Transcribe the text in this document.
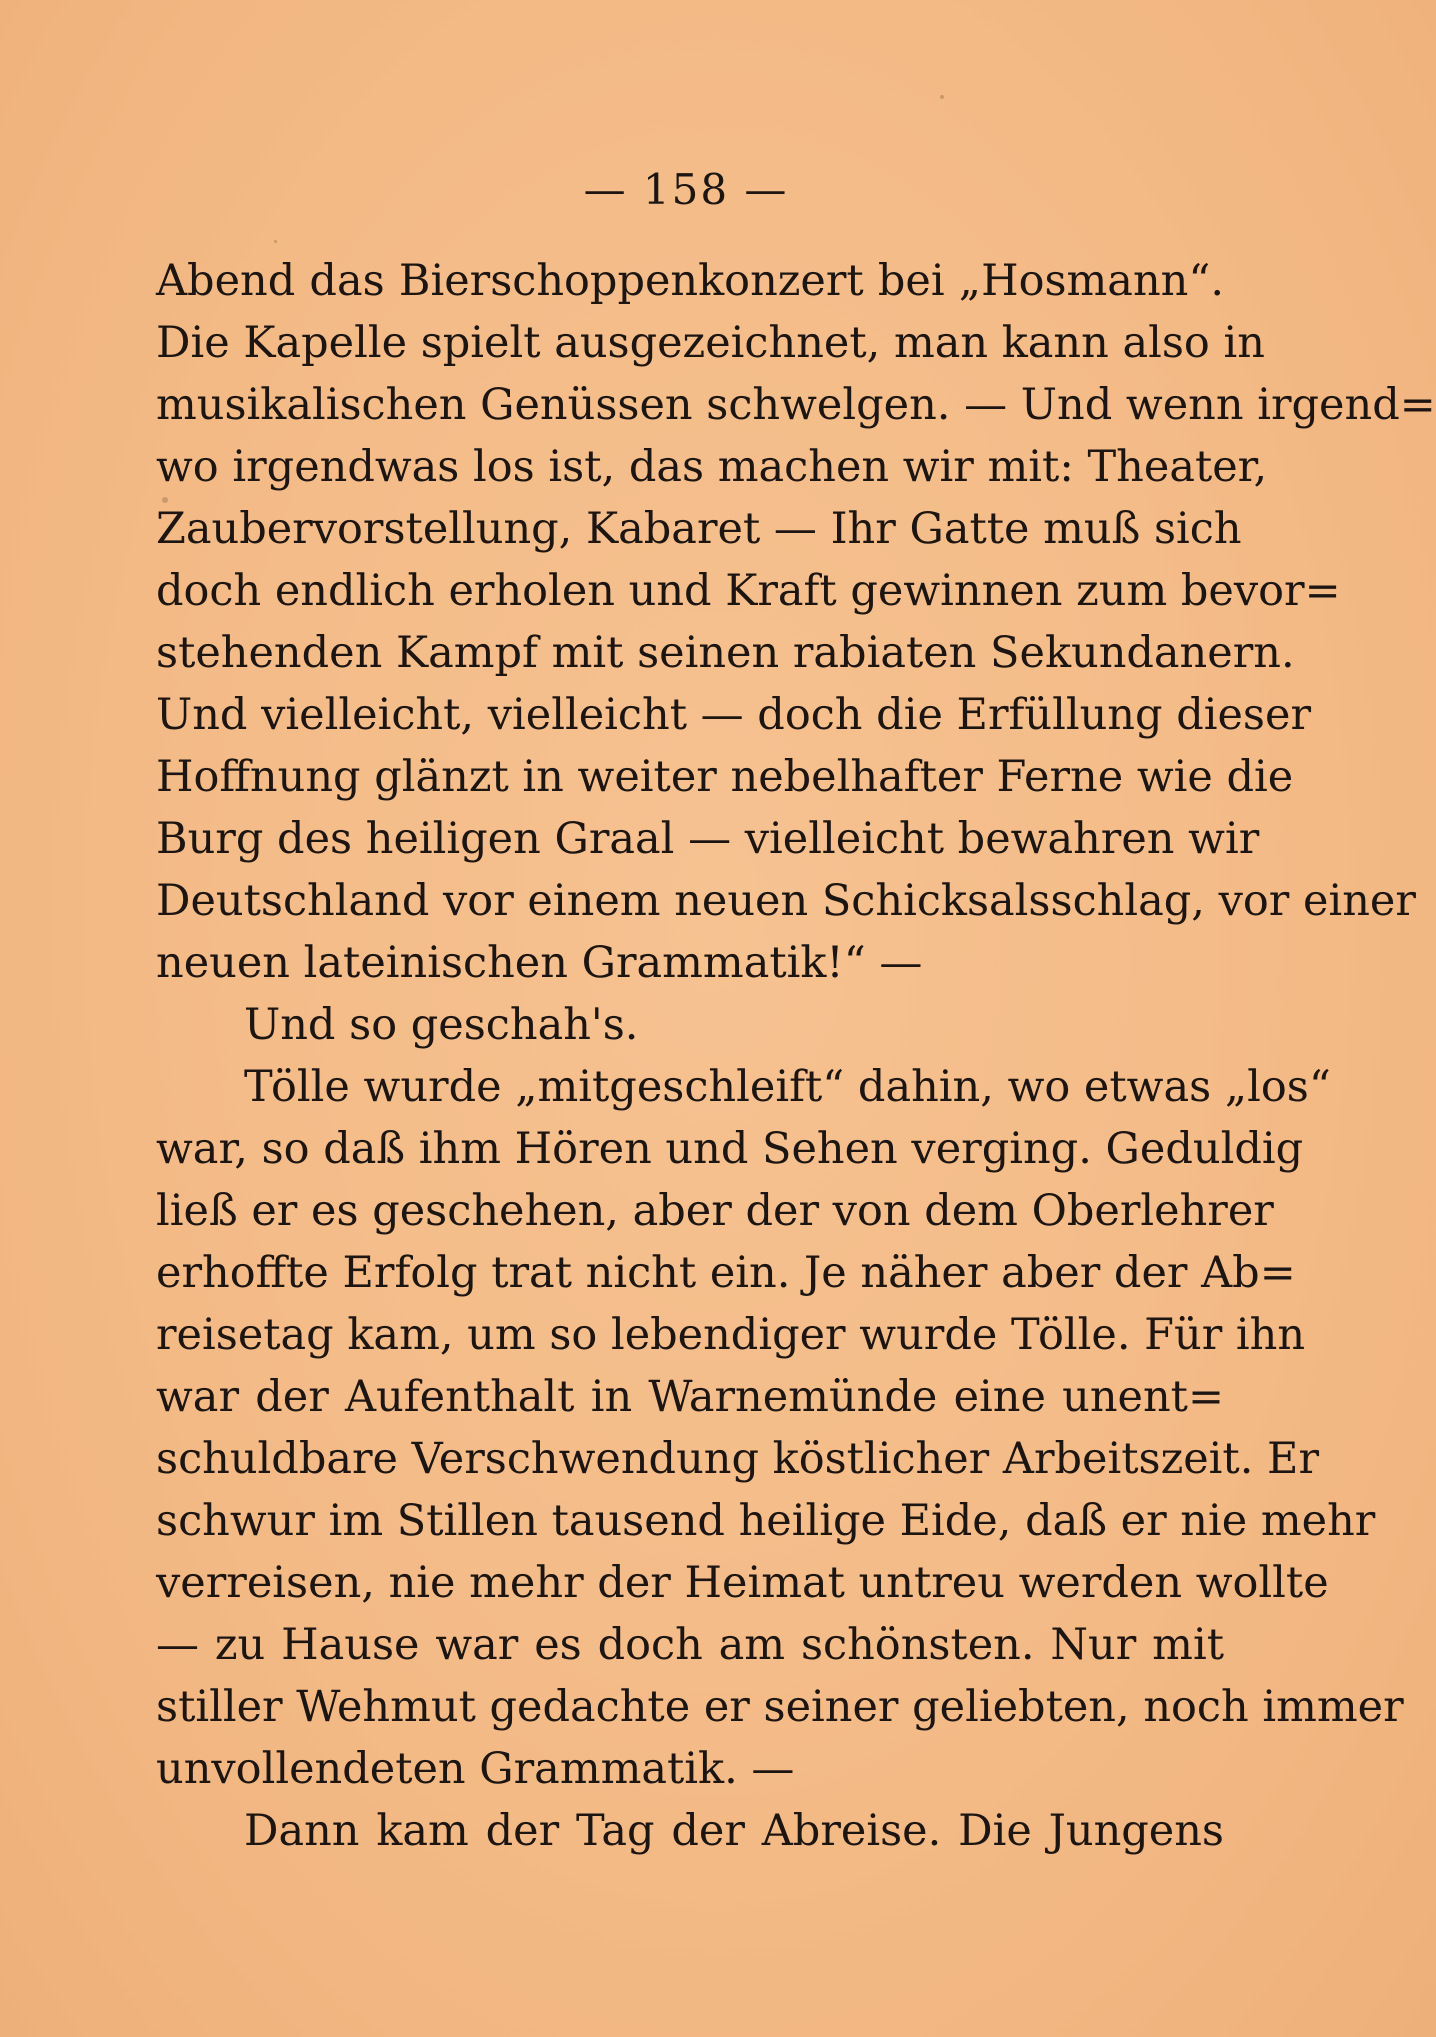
— 158 —
Abend das Bierschoppenkonzert bei „Hosmann“.
Die Kapelle spielt ausgezeichnet, man kann also in
musikalischen Genüssen schwelgen. — Und wenn irgend=
wo irgendwas los ist, das machen wir mit: Theater,
Zaubervorstellung, Kabaret — Ihr Gatte muß sich
doch endlich erholen und Kraft gewinnen zum bevor=
stehenden Kampf mit seinen rabiaten Sekundanern.
Und vielleicht, vielleicht — doch die Erfüllung dieser
Hoffnung glänzt in weiter nebelhafter Ferne wie die
Burg des heiligen Graal — vielleicht bewahren wir
Deutschland vor einem neuen Schicksalsschlag, vor einer
neuen lateinischen Grammatik!“ —
Und so geschah's.
Tölle wurde „mitgeschleift“ dahin, wo etwas „los“
war, so daß ihm Hören und Sehen verging. Geduldig
ließ er es geschehen, aber der von dem Oberlehrer
erhoffte Erfolg trat nicht ein. Je näher aber der Ab=
reisetag kam, um so lebendiger wurde Tölle. Für ihn
war der Aufenthalt in Warnemünde eine unent=
schuldbare Verschwendung köstlicher Arbeitszeit. Er
schwur im Stillen tausend heilige Eide, daß er nie mehr
verreisen, nie mehr der Heimat untreu werden wollte
— zu Hause war es doch am schönsten. Nur mit
stiller Wehmut gedachte er seiner geliebten, noch immer
unvollendeten Grammatik. —
Dann kam der Tag der Abreise. Die Jungens
